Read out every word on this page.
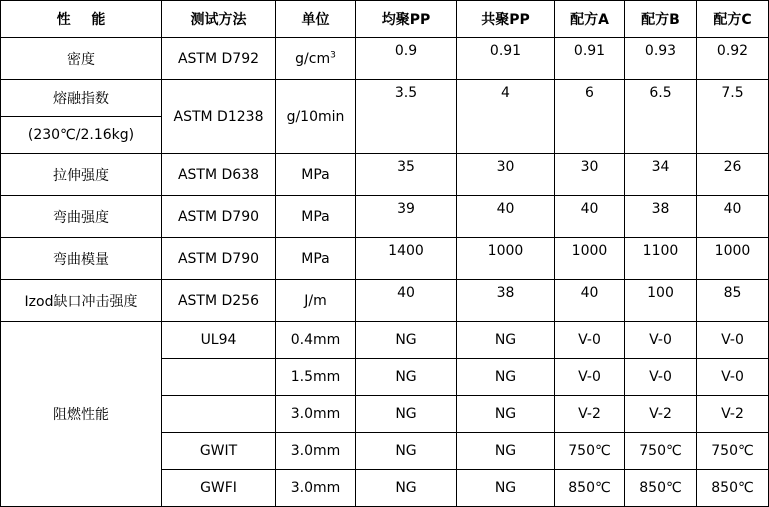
性 能	测试方法	单位	均聚PP	共聚PP	配方A	配方B	配方C
密度	ASTM D792	$g/cm^3$	0.9	0.91	0.91	0.93	0.92
熔融指数	ASTM D1238	g/10min	3.5	4	6	6.5	7.5
(230℃/2.16kg)							
拉伸强度	ASTM D638	MPa	35	30	30	34	26
弯曲强度	ASTM D790	MPa	39	40	40	38	40
弯曲模量	ASTM D790	MPa	1400	1000	1000	1100	1000
Izod缺口冲击强度	ASTM D256	J/m	40	38	40	100	85
阻燃性能	UL94	0.4mm	NG	NG	V-0	V-0	V-0
		1.5mm	NG	NG	V-0	V-0	V-0
		3.0mm	NG	NG	V-2	V-2	V-2
	GWIT	3.0mm	NG	NG	750℃	750℃	750℃
	GWFI	3.0mm	NG	NG	850℃	850℃	850℃
